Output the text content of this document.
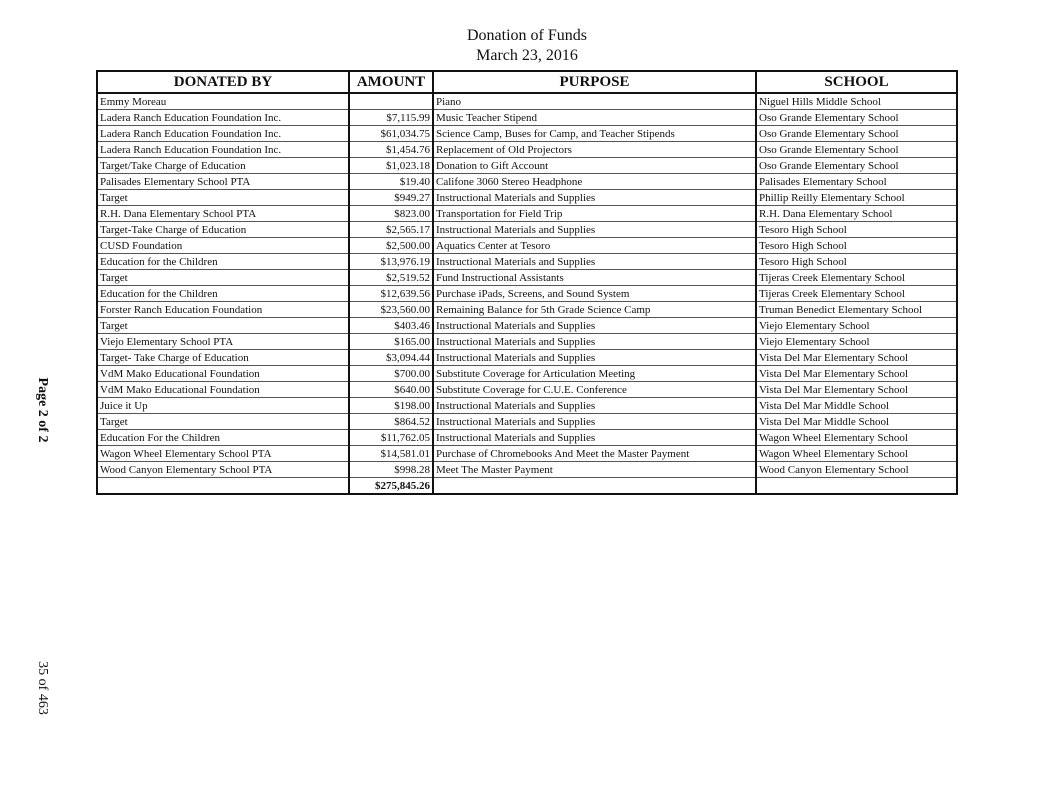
Donation of Funds
March 23, 2016
DONATED BY	AMOUNT	PURPOSE	SCHOOL
Emmy Moreau		Piano	Niguel Hills Middle School
Ladera Ranch Education Foundation Inc.	$7,115.99	Music Teacher Stipend	Oso Grande Elementary School
Ladera Ranch Education Foundation Inc.	$61,034.75	Science Camp, Buses for Camp, and Teacher Stipends	Oso Grande Elementary School
Ladera Ranch Education Foundation Inc.	$1,454.76	Replacement of Old Projectors	Oso Grande Elementary School
Target/Take Charge of Education	$1,023.18	Donation to Gift Account	Oso Grande Elementary School
Palisades Elementary School PTA	$19.40	Califone 3060 Stereo Headphone	Palisades Elementary School
Target	$949.27	Instructional Materials and Supplies	Phillip Reilly Elementary School
R.H. Dana Elementary School PTA	$823.00	Transportation for Field Trip	R.H. Dana Elementary School
Target-Take Charge of Education	$2,565.17	Instructional Materials and Supplies	Tesoro High School
CUSD Foundation	$2,500.00	Aquatics Center at Tesoro	Tesoro High School
Education for the Children	$13,976.19	Instructional Materials and Supplies	Tesoro High School
Target	$2,519.52	Fund Instructional Assistants	Tijeras Creek Elementary School
Education for the Children	$12,639.56	Purchase iPads, Screens, and Sound System	Tijeras Creek Elementary School
Forster Ranch Education Foundation	$23,560.00	Remaining Balance for 5th Grade Science Camp	Truman Benedict Elementary School
Target	$403.46	Instructional Materials and Supplies	Viejo Elementary School
Viejo Elementary School PTA	$165.00	Instructional Materials and Supplies	Viejo Elementary School
Target- Take Charge of Education	$3,094.44	Instructional Materials and Supplies	Vista Del Mar Elementary School
VdM Mako Educational Foundation	$700.00	Substitute Coverage for Articulation Meeting	Vista Del Mar Elementary School
VdM Mako Educational Foundation	$640.00	Substitute Coverage for C.U.E. Conference	Vista Del Mar Elementary School
Juice it Up	$198.00	Instructional Materials and Supplies	Vista Del Mar Middle School
Target	$864.52	Instructional Materials and Supplies	Vista Del Mar Middle School
Education For the Children	$11,762.05	Instructional Materials and Supplies	Wagon Wheel Elementary School
Wagon Wheel Elementary School PTA	$14,581.01	Purchase of Chromebooks And Meet the Master Payment	Wagon Wheel Elementary School
Wood Canyon Elementary School PTA	$998.28	Meet The Master Payment	Wood Canyon Elementary School
	$275,845.26		
Page 2 of 2
35 of 463
